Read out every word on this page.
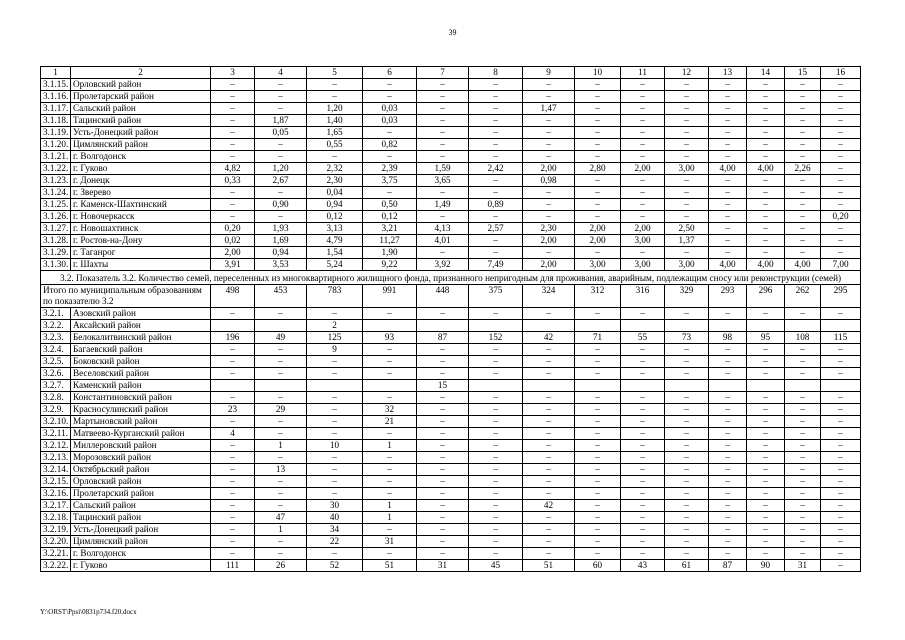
39
1	2	3	4	5	6	7	8	9	10	11	12	13	14	15	16
3.1.15.	Орловский район	–	–	–	–	–	–	–	–	–	–	–	–	–	–
3.1.16.	Пролетарский район	–	–	–	–	–	–	–	–	–	–	–	–	–	–
3.1.17.	Сальский район	–	–	1,20	0,03	–	–	1,47	–	–	–	–	–	–	–
3.1.18.	Тацинский район	–	1,87	1,40	0,03	–	–	–	–	–	–	–	–	–	–
3.1.19.	Усть-Донецкий район	–	0,05	1,65	–	–	–	–	–	–	–	–	–	–	–
3.1.20.	Цимлянский район	–	–	0,55	0,82	–	–	–	–	–	–	–	–	–	–
3.1.21.	г. Волгодонск	–	–	–	–	–	–	–	–	–	–	–	–	–	–
3.1.22.	г. Гуково	4,82	1,20	2,32	2,39	1,59	2,42	2,00	2,80	2,00	3,00	4,00	4,00	2,26	–
3.1.23.	г. Донецк	0,33	2,67	2,30	3,75	3,65	–	0,98	–	–	–	–	–	–	–
3.1.24.	г. Зверево	–	–	0,04	–	–	–	–	–	–	–	–	–	–	–
3.1.25.	г. Каменск-Шахтинский	–	0,90	0,94	0,50	1,49	0,89	–	–	–	–	–	–	–	–
3.1.26.	г. Новочеркасск	–	–	0,12	0,12	–	–	–	–	–	–	–	–	–	0,20
3.1.27.	г. Новошахтинск	0,20	1,93	3,13	3,21	4,13	2,57	2,30	2,00	2,00	2,50	–	–	–	–
3.1.28.	г. Ростов-на-Дону	0,02	1,69	4,79	11,27	4,01	–	2,00	2,00	3,00	1,37	–	–	–	–
3.1.29.	г. Таганрог	2,00	0,94	1,54	1,90	–	–	–	–	–	–	–	–	–	–
3.1.30.	г. Шахты	3,91	3,53	5,24	9,22	3,92	7,49	2,00	3,00	3,00	3,00	4,00	4,00	4,00	7,00
3.2. Показатель 3.2. Количество семей, переселенных из многоквартирного жилищного фонда, признанного непригодным для проживания, аварийным, подлежащим сносу или реконструкции (семей)															
Итого по муниципальным образованиям по показателю 3.2		498	453	783	991	448	375	324	312	316	329	293	296	262	295
3.2.1.	Азовский район	–	–	–	–	–	–	–	–	–	–	–	–	–	–
3.2.2.	Аксайский район			2											
3.2.3.	Белокалитвинский район	196	49	125	93	87	152	42	71	55	73	98	95	108	115
3.2.4.	Багаевский район	–	–	9	–	–	–	–	–	–	–	–	–	–	–
3.2.5.	Боковский район	–	–	–	–	–	–	–	–	–	–	–	–	–	–
3.2.6.	Веселовский район	–	–	–	–	–	–	–	–	–	–	–	–	–	–
3.2.7.	Каменский район					15									
3.2.8.	Константиновский район	–	–	–	–	–	–	–	–	–	–	–	–	–	–
3.2.9.	Красносулинский район	23	29	–	32	–	–	–	–	–	–	–	–	–	–
3.2.10.	Мартыновский район	–	–	–	21	–	–	–	–	–	–	–	–	–	–
3.2.11.	Матвеево-Курганский район	4	–	–	–	–	–	–	–	–	–	–	–	–	–
3.2.12.	Миллеровский район	–	1	10	1	–	–	–	–	–	–	–	–	–	–
3.2.13.	Морозовский район	–	–	–	–	–	–	–	–	–	–	–	–	–	–
3.2.14.	Октябрьский район	–	13	–	–	–	–	–	–	–	–	–	–	–	–
3.2.15.	Орловский район	–	–	–	–	–	–	–	–	–	–	–	–	–	–
3.2.16.	Пролетарский район	–	–	–	–	–	–	–	–	–	–	–	–	–	–
3.2.17.	Сальский район	–	–	30	1	–	–	42	–	–	–	–	–	–	–
3.2.18.	Тацинский район	–	47	40	1	–	–	–	–	–	–	–	–	–	–
3.2.19.	Усть-Донецкий район	–	1	34	–	–	–	–	–	–	–	–	–	–	–
3.2.20.	Цимлянский район	–	–	22	31	–	–	–	–	–	–	–	–	–	–
3.2.21.	г. Волгодонск	–	–	–	–	–	–	–	–	–	–	–	–	–	–
3.2.22.	г. Гуково	111	26	52	51	31	45	51	60	43	61	87	90	31	–
Y:\ORST\Ppsi\0831p734.f20.docx
